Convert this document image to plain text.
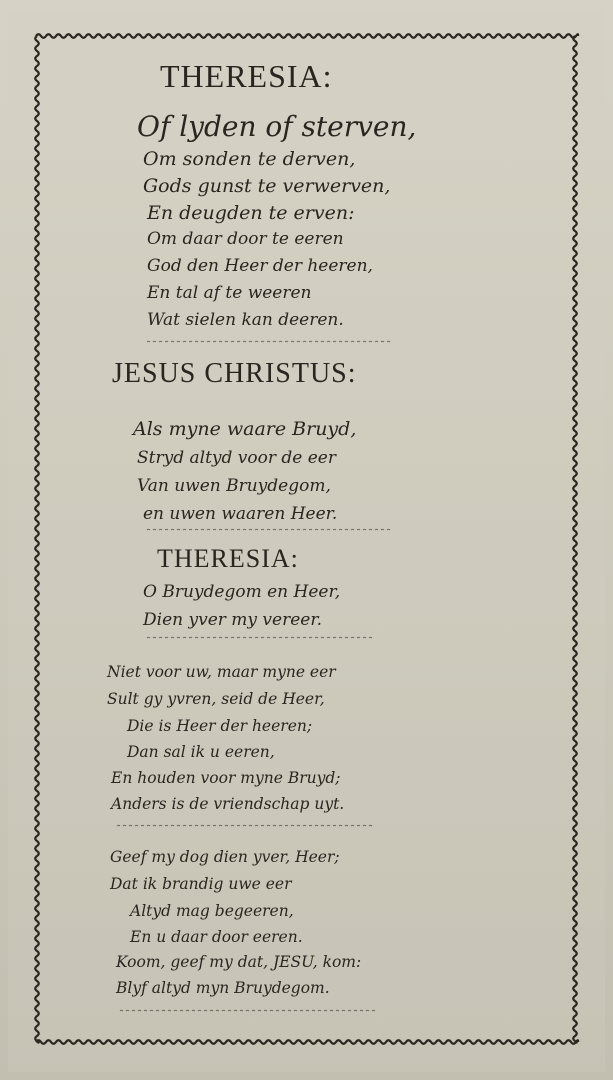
THERESIA:
Of lyden of sterven,
Om sonden te derven,
Gods gunst te verwerven,
En deugden te erven:
Om daar door te eeren
God den Heer der heeren,
En tal af te weeren
Wat sielen kan deeren.
JESUS CHRISTUS:
Als myne waare Bruyd,
Stryd altyd voor de eer
Van uwen Bruydegom,
en uwen waaren Heer.
THERESIA:
O Bruydegom en Heer,
Dien yver my vereer.
Niet voor uw, maar myne eer
Sult gy yvren, seid de Heer,
Die is Heer der heeren;
Dan sal ik u eeren,
En houden voor myne Bruyd;
Anders is de vriendschap uyt.
Geef my dog dien yver, Heer;
Dat ik brandig uwe eer
Altyd mag begeeren,
En u daar door eeren.
Koom, geef my dat, JESU, kom:
Blyf altyd myn Bruydegom.
